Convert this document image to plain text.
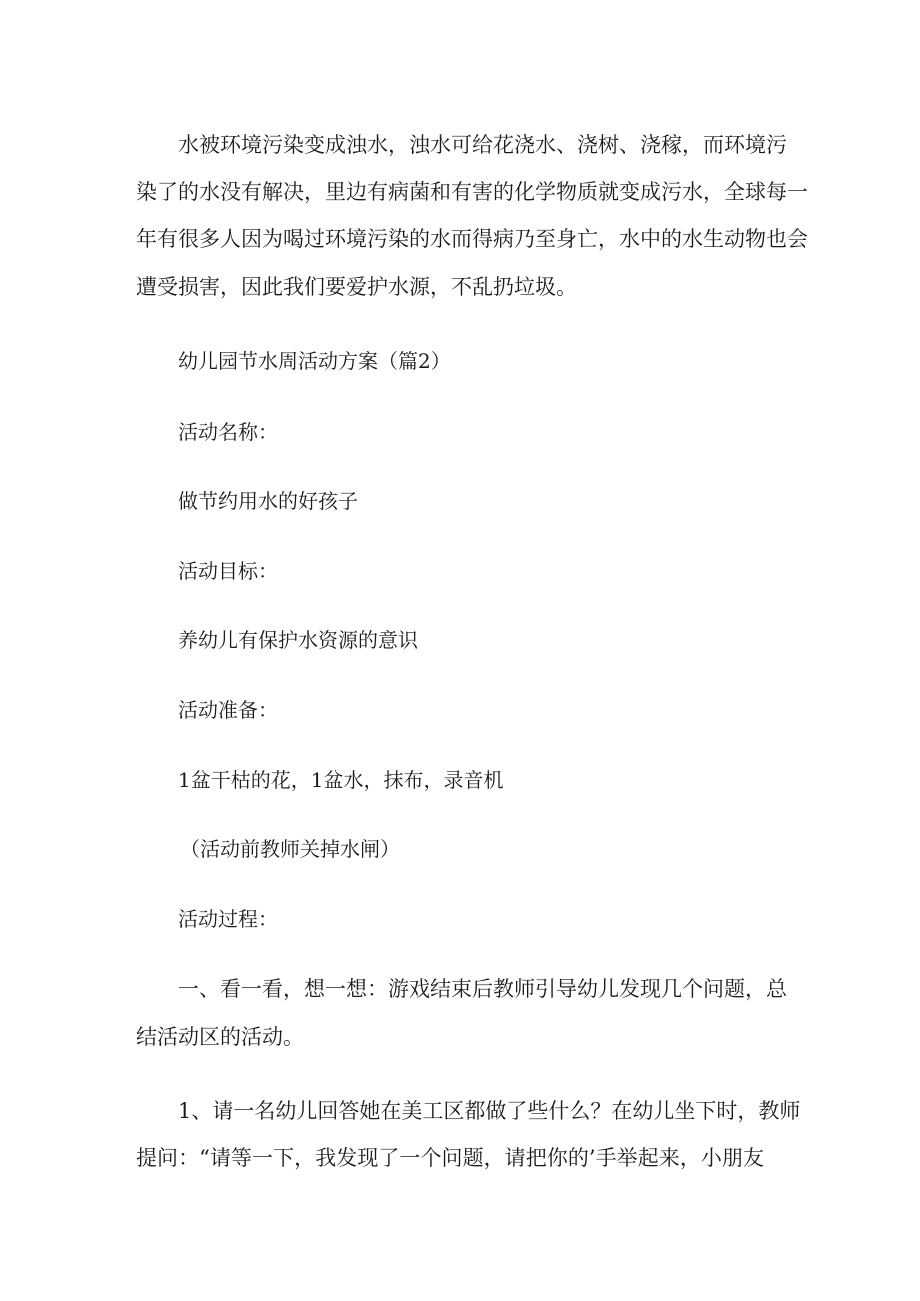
水被环境污染变成浊水，浊水可给花浇水、浇树、浇稼，而环境污
染了的水没有解决，里边有病菌和有害的化学物质就变成污水，全球每一
年有很多人因为喝过环境污染的水而得病乃至身亡，水中的水生动物也会
遭受损害，因此我们要爱护水源，不乱扔垃圾。
幼儿园节水周活动方案（篇2）
活动名称：
做节约用水的好孩子
活动目标：
养幼儿有保护水资源的意识
活动准备：
1盆干枯的花，1盆水，抹布，录音机
（活动前教师关掉水闸）
活动过程：
一、看一看，想一想：游戏结束后教师引导幼儿发现几个问题，总
结活动区的活动。
1、请一名幼儿回答她在美工区都做了些什么？在幼儿坐下时，教师
提问：“请等一下，我发现了一个问题，请把你的’手举起来，小朋友
